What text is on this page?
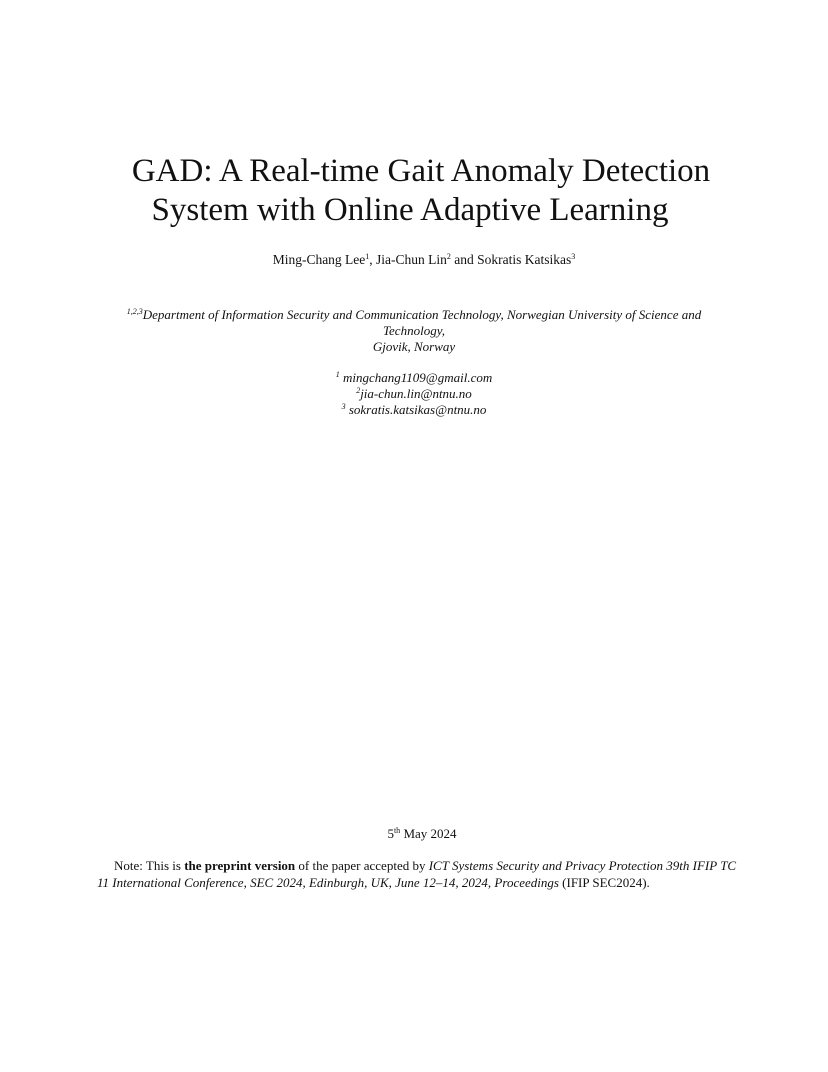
GAD: A Real-time Gait Anomaly Detection
System with Online Adaptive Learning
Ming-Chang Lee$^1$, Jia-Chun Lin$^2$ and Sokratis Katsikas$^3$
$^{1,2,3}$Department of Information Security and Communication Technology, Norwegian University of Science and
Technology,
Gjovik, Norway
$^1$ mingchang1109@gmail.com
$^2$jia-chun.lin@ntnu.no
$^3$ sokratis.katsikas@ntnu.no
5th May 2024
Note: This is the preprint version of the paper accepted by ICT Systems Security and Privacy Protection 39th IFIP TC 11 International Conference, SEC 2024, Edinburgh, UK, June 12–14, 2024, Proceedings (IFIP SEC2024).
